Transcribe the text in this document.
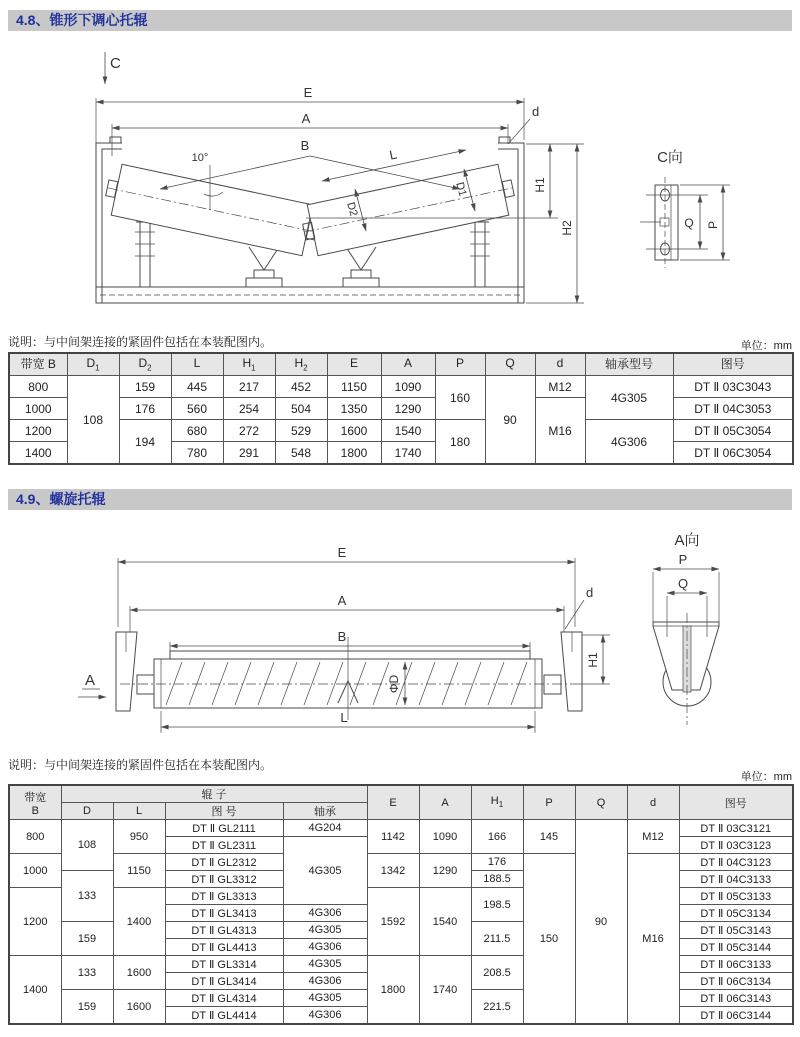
4.8、锥形下调心托辊
C
E
A	d
B
L
10°
D1
D2
H1
H2
C向
Q P
说明：与中间架连接的紧固件包括在本装配图内。	单位：mm
带宽 B	$D_1$	$D_2$	L	$H_1$	$H_2$	E	A	P	Q	d	轴承型号	图号
800	108	159	445	217	452	1150	1090	160	90	M12	4G305	DT Ⅱ 03C3043
1000		176	560	254	504	1350	1290			M16		DT Ⅱ 04C3053
1200		194	680	272	529	1600	1540	180			4G306	DT Ⅱ 05C3054
1400			780	291	548	1800	1740					DT Ⅱ 06C3054
4.9、螺旋托辊
E
A
B
d
ΦD
H1
L
A
A向
P
Q
说明：与中间架连接的紧固件包括在本装配图内。
单位：mm
带宽
B	辊 子				E	A	$H_1$	P	Q	d	图号
	D	L	图 号	轴承							
800	108	950	DT Ⅱ GL2111	4G204	1142	1090	166	145	90	M12	DT Ⅱ 03C3121
			DT Ⅱ GL2311	4G305							DT Ⅱ 03C3123
1000		1150	DT Ⅱ GL2312		1342	1290	176	150		M16	DT Ⅱ 04C3123
	133		DT Ⅱ GL3312				188.5				DT Ⅱ 04C3133
1200		1400	DT Ⅱ GL3313		1592	1540	198.5				DT Ⅱ 05C3133
			DT Ⅱ GL3413	4G306							DT Ⅱ 05C3134
	159		DT Ⅱ GL4313	4G305			211.5				DT Ⅱ 05C3143
			DT Ⅱ GL4413	4G306							DT Ⅱ 05C3144
1400	133	1600	DT Ⅱ GL3314	4G305	1800	1740	208.5				DT Ⅱ 06C3133
			DT Ⅱ GL3414	4G306							DT Ⅱ 06C3134
	159	1600	DT Ⅱ GL4314	4G305			221.5				DT Ⅱ 06C3143
			DT Ⅱ GL4414	4G306							DT Ⅱ 06C3144
